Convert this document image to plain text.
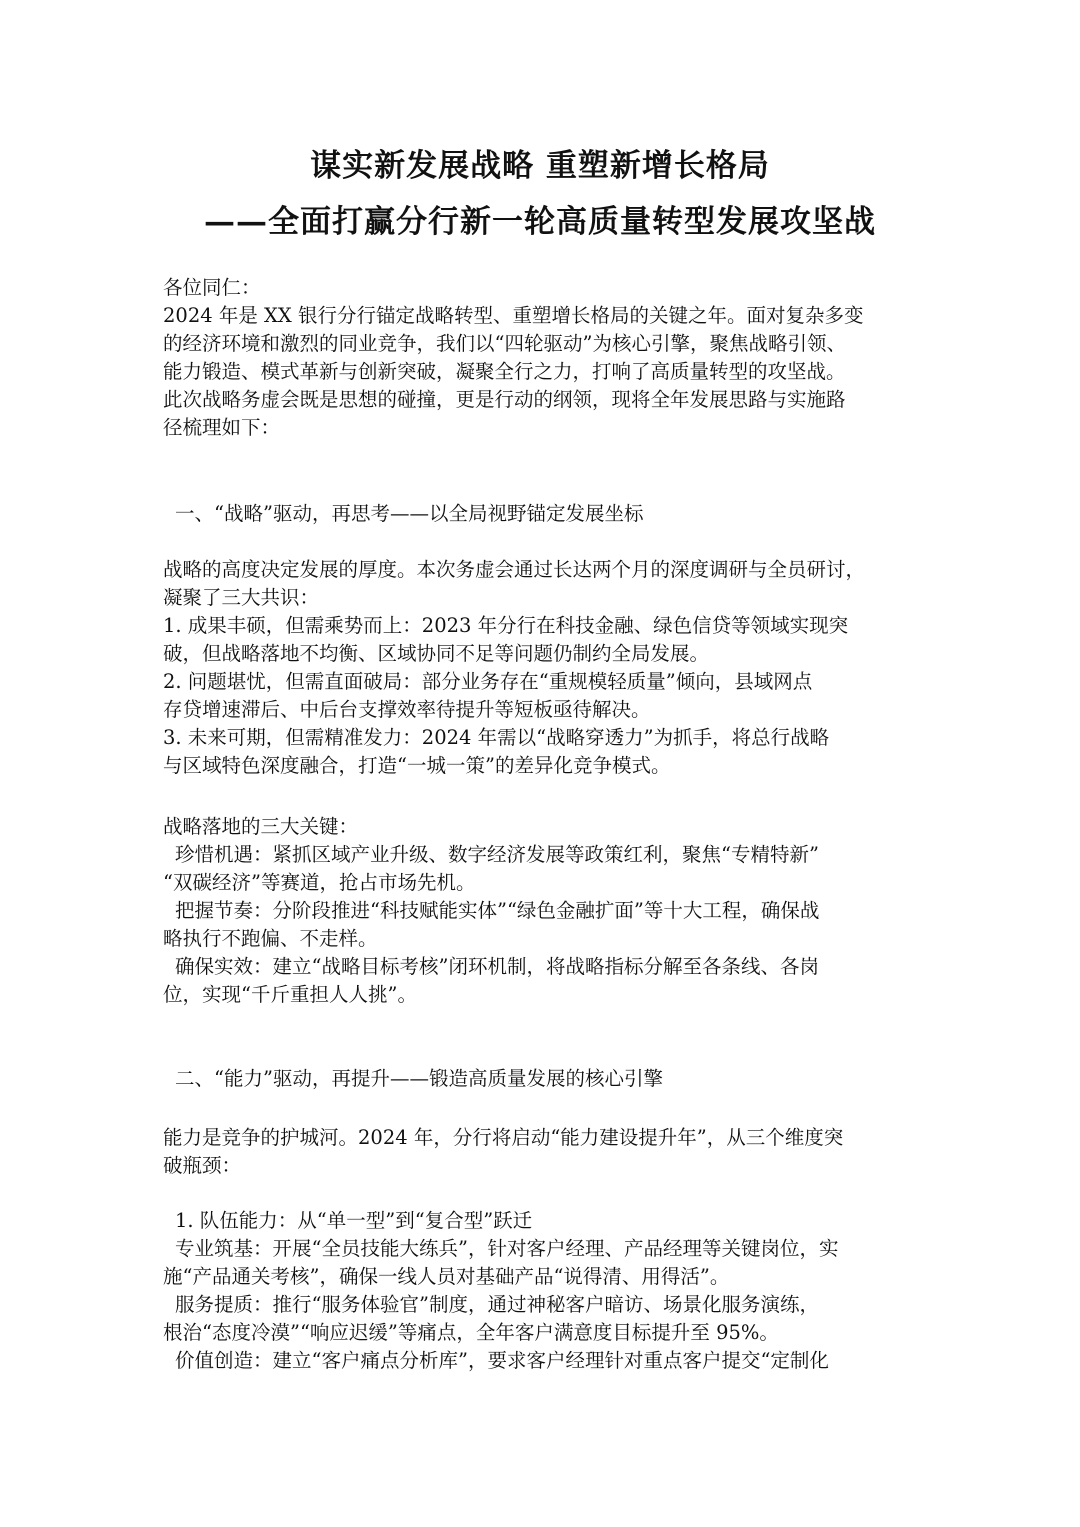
谋实新发展战略 重塑新增长格局
——全面打赢分行新一轮高质量转型发展攻坚战
各位同仁：
2024 年是 XX 银行分行锚定战略转型、重塑增长格局的关键之年。面对复杂多变
的经济环境和激烈的同业竞争，我们以“四轮驱动”为核心引擎，聚焦战略引领、
能力锻造、模式革新与创新突破，凝聚全行之力，打响了高质量转型的攻坚战。
此次战略务虚会既是思想的碰撞，更是行动的纲领，现将全年发展思路与实施路
径梳理如下：
一、“战略”驱动，再思考——以全局视野锚定发展坐标
战略的高度决定发展的厚度。本次务虚会通过长达两个月的深度调研与全员研讨，
凝聚了三大共识：
1. 成果丰硕，但需乘势而上：2023 年分行在科技金融、绿色信贷等领域实现突
破，但战略落地不均衡、区域协同不足等问题仍制约全局发展。
2. 问题堪忧，但需直面破局：部分业务存在“重规模轻质量”倾向，县域网点
存贷增速滞后、中后台支撑效率待提升等短板亟待解决。
3. 未来可期，但需精准发力：2024 年需以“战略穿透力”为抓手，将总行战略
与区域特色深度融合，打造“一城一策”的差异化竞争模式。
战略落地的三大关键：
珍惜机遇：紧抓区域产业升级、数字经济发展等政策红利，聚焦“专精特新”
“双碳经济”等赛道，抢占市场先机。
把握节奏：分阶段推进“科技赋能实体”“绿色金融扩面”等十大工程，确保战
略执行不跑偏、不走样。
确保实效：建立“战略目标考核”闭环机制，将战略指标分解至各条线、各岗
位，实现“千斤重担人人挑”。
二、“能力”驱动，再提升——锻造高质量发展的核心引擎
能力是竞争的护城河。2024 年，分行将启动“能力建设提升年”，从三个维度突
破瓶颈：
1. 队伍能力：从“单一型”到“复合型”跃迁
专业筑基：开展“全员技能大练兵”，针对客户经理、产品经理等关键岗位，实
施“产品通关考核”，确保一线人员对基础产品“说得清、用得活”。
服务提质：推行“服务体验官”制度，通过神秘客户暗访、场景化服务演练，
根治“态度冷漠”“响应迟缓”等痛点，全年客户满意度目标提升至 95%。
价值创造：建立“客户痛点分析库”，要求客户经理针对重点客户提交“定制化
